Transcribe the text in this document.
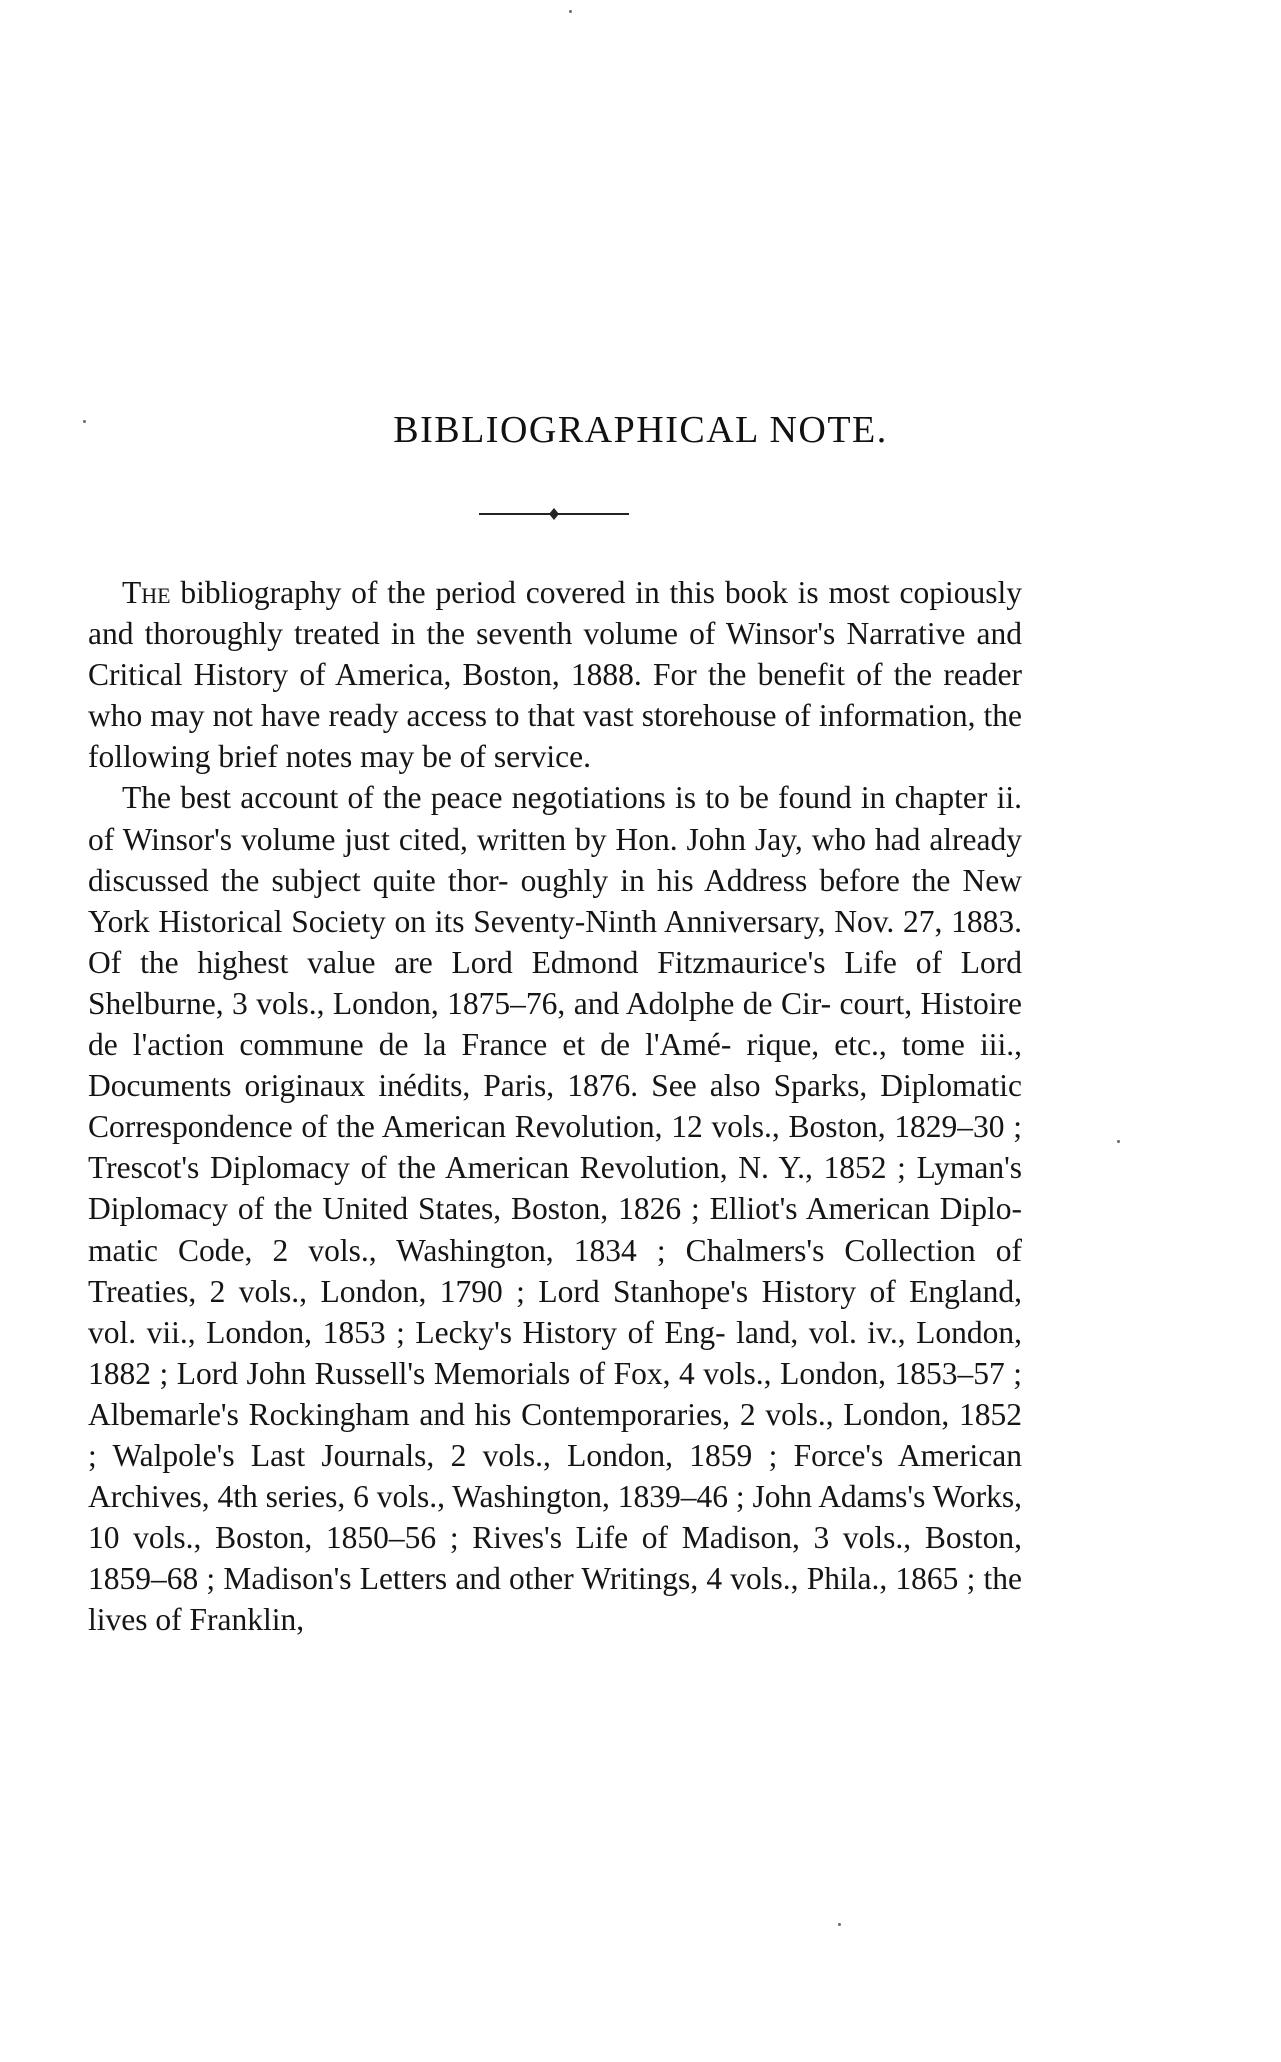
BIBLIOGRAPHICAL NOTE.

The bibliography of the period covered in this book is most copiously and thoroughly treated in the seventh volume of Winsor's Narrative and Critical History of America, Boston, 1888. For the benefit of the reader who may not have ready access to that vast storehouse of information, the following brief notes may be of service.

The best account of the peace negotiations is to be found in chapter ii. of Winsor's volume just cited, written by Hon. John Jay, who had already discussed the subject quite thor- oughly in his Address before the New York Historical Society on its Seventy-Ninth Anniversary, Nov. 27, 1883. Of the highest value are Lord Edmond Fitzmaurice's Life of Lord Shelburne, 3 vols., London, 1875–76, and Adolphe de Cir- court, Histoire de l'action commune de la France et de l'Amé- rique, etc., tome iii., Documents originaux inédits, Paris, 1876. See also Sparks, Diplomatic Correspondence of the American Revolution, 12 vols., Boston, 1829–30 ; Trescot's Diplomacy of the American Revolution, N. Y., 1852 ; Lyman's Diplomacy of the United States, Boston, 1826 ; Elliot's American Diplo- matic Code, 2 vols., Washington, 1834 ; Chalmers's Collection of Treaties, 2 vols., London, 1790 ; Lord Stanhope's History of England, vol. vii., London, 1853 ; Lecky's History of Eng- land, vol. iv., London, 1882 ; Lord John Russell's Memorials of Fox, 4 vols., London, 1853–57 ; Albemarle's Rockingham and his Contemporaries, 2 vols., London, 1852 ; Walpole's Last Journals, 2 vols., London, 1859 ; Force's American Archives, 4th series, 6 vols., Washington, 1839–46 ; John Adams's Works, 10 vols., Boston, 1850–56 ; Rives's Life of Madison, 3 vols., Boston, 1859–68 ; Madison's Letters and other Writings, 4 vols., Phila., 1865 ; the lives of Franklin,
